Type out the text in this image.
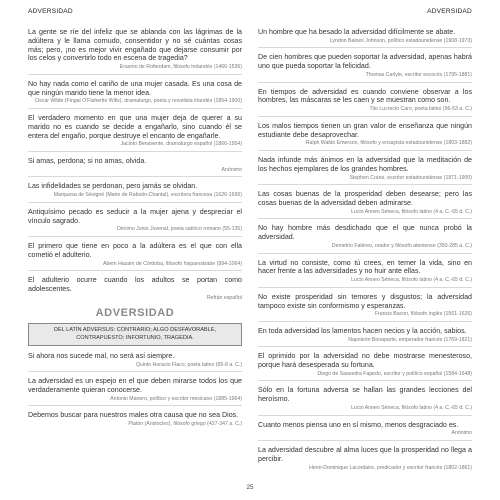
ADVERSIDAD	ADVERSIDAD
La gente se ríe del infeliz que se ablanda con las lágrimas de la adúltera y le llama cornudo, consentidor y no sé cuántas cosas más; pero, ¡no es mejor vivir engañado que dejarse consumir por los celos y convertirlo todo en escena de tragedia?
Erasmo de Rotterdam, filósofo holandés (1466-1536)
No hay nada como el cariño de una mujer casada. Es una cosa de que ningún marido tiene la menor idea.
Oscar Wilde (Fingal O'Flahertie Wills), dramaturgo, poeta y novelista irlandés (1854-1900)
El verdadero momento en que una mujer deja de querer a su marido no es cuando se decide a engañarlo, sino cuando él se entera del engaño, porque destruye el encanto de engañarle.
Jacinto Benavente, dramaturgo español (1866-1954)
Si amas, perdona; si no amas, olvida.
Anónimo
Las infidelidades se perdonan, pero jamás se olvidan.
Marquesa de Sévigné (Marie de Rabutin-Chantal), escritora francesa (1626-1696)
Antiquísimo pecado es seducir a la mujer ajena y despreciar el vínculo sagrado.
Décimo Junio Juvenal, poeta satírico romano (55-135)
El primero que tiene en poco a la adúltera es el que con ella cometió el adulterio.
Abem Hazam de Córdoba, filósofo hispanoárabe (994-1064)
El adulterio ocurre cuando los adultos se portan como adolescentes.
Refrán español
ADVERSIDAD
DEL LATÍN ADVERSUS: CONTRARIO; ALGO DESFAVORABLE, CONTRAPUESTO; INFORTUNIO, TRAGEDIA.
Si ahora nos sucede mal, no será así siempre.
Quinto Horacio Flaco, poeta latino (65-8 a. C.)
La adversidad es un espejo en el que deben mirarse todos los que verdaderamente quieran conocerse.
Antonio Manero, político y escritor mexicano (1885-1964)
Debemos buscar para nuestros males otra causa que no sea Dios.
Platón (Aristocles), filósofo griego (427-347 a. C.)
Un hombre que ha besado la adversidad difícilmente se abate.
Lyndon Baines Johnson, político estadounidense (1908-1973)
De cien hombres que pueden soportar la adversidad, apenas habrá uno que pueda soportar la felicidad.
Thomas Carlyle, escritor escocés (1795-1881)
En tiempos de adversidad es cuando conviene observar a los hombres, las máscaras se les caen y se muestran como son.
Tito Lucrecio Caro, poeta latino (96-53 a. C.)
Los malos tiempos tienen un gran valor de enseñanza que ningún estudiante debe desaprovechar.
Ralph Waldo Emerson, filósofo y ensayista estadounidense (1803-1882)
Nada infunde más ánimos en la adversidad que la meditación de los hechos ejemplares de los grandes hombres.
Stephen Crane, escritor estadounidense (1871-1900)
Las cosas buenas de la prosperidad deben desearse; pero las cosas buenas de la adversidad deben admirarse.
Lucio Anneo Séneca, filósofo latino (4 a. C.-65 d. C.)
No hay hombre más desdichado que el que nunca probó la adversidad.
Demetrio Falérеo, orador y filósofo ateniense (350-285 a. C.)
La virtud no consiste, como tú crees, en temer la vida, sino en hacer frente a las adversidades y no huir ante ellas.
Lucio Anneo Séneca, filósofo latino (4 a. C.-65 d. C.)
No existe prosperidad sin temores y disgustos; la adversidad tampoco existe sin conformismo y esperanzas.
Francis Bacon, filósofo inglés (1561-1626)
En toda adversidad los lamentos hacen necios y la acción, sabios.
Napoleón Bonaparte, emperador francés (1769-1821)
El oprimido por la adversidad no debe mostrarse menesteroso, porque hará desesperada su fortuna.
Diego de Saavedra Fajardo, escritor y político español (1584-1648)
Sólo en la fortuna adversa se hallan las grandes lecciones del heroísmo.
Lucio Anneo Séneca, filósofo latino (4 a. C.-65 d. C.)
Cuanto menos piensa uno en sí mismo, menos desgraciado es.
Anónimo
La adversidad descubre al alma luces que la prosperidad no llega a percibir.
Henri-Dominique Lacordaire, predicador y escritor francés (1802-1861)
25
